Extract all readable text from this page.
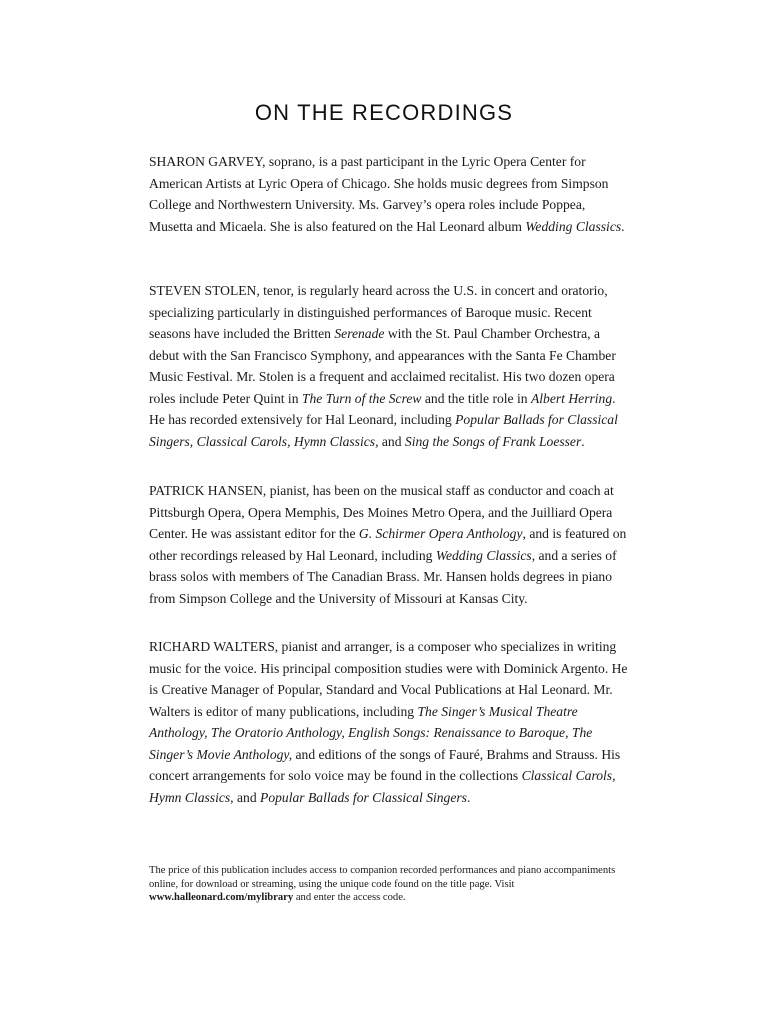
ON THE RECORDINGS

SHARON GARVEY, soprano, is a past participant in the Lyric Opera Center for American Artists at Lyric Opera of Chicago. She holds music degrees from Simpson College and Northwestern University. Ms. Garvey’s opera roles include Poppea, Musetta and Micaela. She is also featured on the Hal Leonard album Wedding Classics.

STEVEN STOLEN, tenor, is regularly heard across the U.S. in concert and oratorio, specializing particularly in distinguished performances of Baroque music. Recent seasons have included the Britten Serenade with the St. Paul Chamber Orchestra, a debut with the San Francisco Symphony, and appearances with the Santa Fe Chamber Music Festival. Mr. Stolen is a frequent and acclaimed recitalist. His two dozen opera roles include Peter Quint in The Turn of the Screw and the title role in Albert Herring. He has recorded extensively for Hal Leonard, including Popular Ballads for Classical Singers, Classical Carols, Hymn Classics, and Sing the Songs of Frank Loesser.

PATRICK HANSEN, pianist, has been on the musical staff as conductor and coach at Pittsburgh Opera, Opera Memphis, Des Moines Metro Opera, and the Juilliard Opera Center. He was assistant editor for the G. Schirmer Opera Anthology, and is featured on other recordings released by Hal Leonard, including Wedding Classics, and a series of brass solos with members of The Canadian Brass. Mr. Hansen holds degrees in piano from Simpson College and the University of Missouri at Kansas City.

RICHARD WALTERS, pianist and arranger, is a composer who specializes in writing music for the voice. His principal composition studies were with Dominick Argento. He is Creative Manager of Popular, Standard and Vocal Publications at Hal Leonard. Mr. Walters is editor of many publications, including The Singer’s Musical Theatre Anthology, The Oratorio Anthology, English Songs: Renaissance to Baroque, The Singer’s Movie Anthology, and editions of the songs of Fauré, Brahms and Strauss. His concert arrangements for solo voice may be found in the collections Classical Carols, Hymn Classics, and Popular Ballads for Classical Singers.

The price of this publication includes access to companion recorded performances and piano accompaniments online, for download or streaming, using the unique code found on the title page. Visit www.halleonard.com/mylibrary and enter the access code.
